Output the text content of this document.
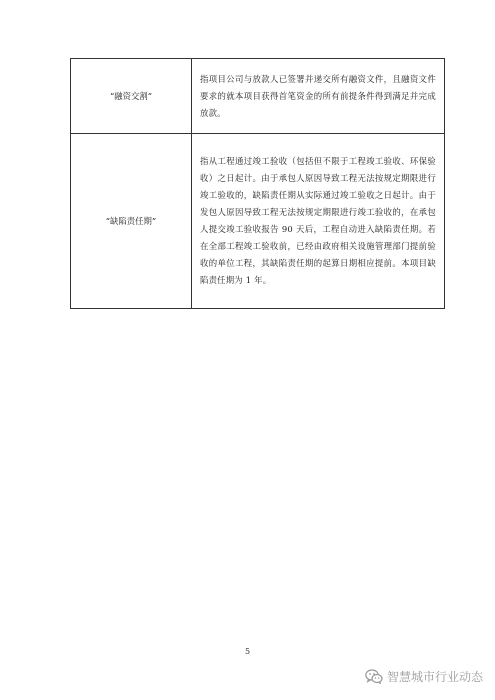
“融资交割”	指项目公司与放款人已签署并递交所有融资文件，且融资文件要求的就本项目获得首笔资金的所有前提条件得到满足并完成放款。
“缺陷责任期”	指从工程通过竣工验收（包括但不限于工程竣工验收、环保验收）之日起计。由于承包人原因导致工程无法按规定期限进行竣工验收的，缺陷责任期从实际通过竣工验收之日起计。由于发包人原因导致工程无法按规定期限进行竣工验收的，在承包人提交竣工验收报告 90 天后，工程自动进入缺陷责任期。若在全部工程竣工验收前，已经由政府相关设施管理部门提前验收的单位工程，其缺陷责任期的起算日期相应提前。本项目缺陷责任期为 1 年。
5
智慧城市行业动态
